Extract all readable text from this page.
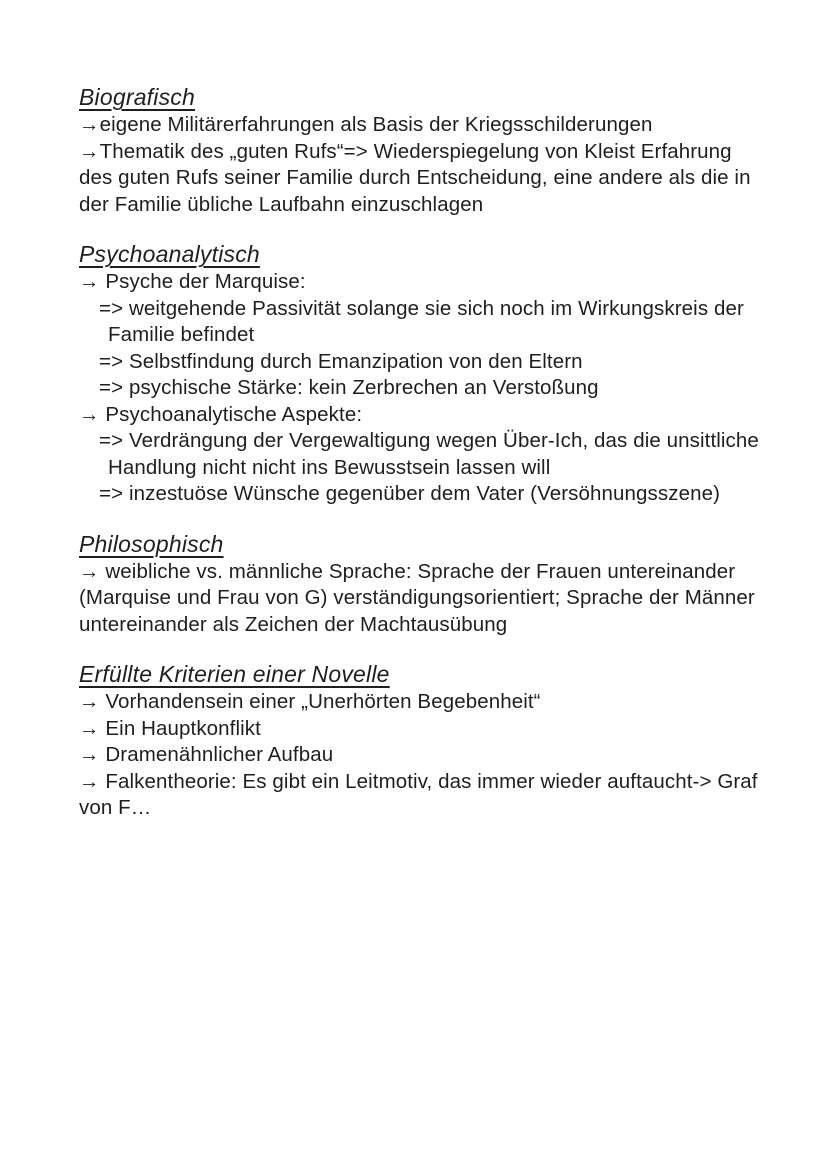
Biografisch
→eigene Militärerfahrungen als Basis der Kriegsschilderungen
→Thematik des „guten Rufs“=> Wiederspiegelung von Kleist Erfahrung
des guten Rufs seiner Familie durch Entscheidung, eine andere als die in
der Familie übliche Laufbahn einzuschlagen
Psychoanalytisch
→ Psyche der Marquise:
=> weitgehende Passivität solange sie sich noch im Wirkungskreis der
Familie befindet
=> Selbstfindung durch Emanzipation von den Eltern
=> psychische Stärke: kein Zerbrechen an Verstoßung
→ Psychoanalytische Aspekte:
=> Verdrängung der Vergewaltigung wegen Über-Ich, das die unsittliche
Handlung nicht nicht ins Bewusstsein lassen will
=> inzestuöse Wünsche gegenüber dem Vater (Versöhnungsszene)
Philosophisch
→ weibliche vs. männliche Sprache: Sprache der Frauen untereinander
(Marquise und Frau von G) verständigungsorientiert; Sprache der Männer
untereinander als Zeichen der Machtausübung
Erfüllte Kriterien einer Novelle
→ Vorhandensein einer „Unerhörten Begebenheit“
→ Ein Hauptkonflikt
→ Dramenähnlicher Aufbau
→ Falkentheorie: Es gibt ein Leitmotiv, das immer wieder auftaucht-> Graf
von F…
